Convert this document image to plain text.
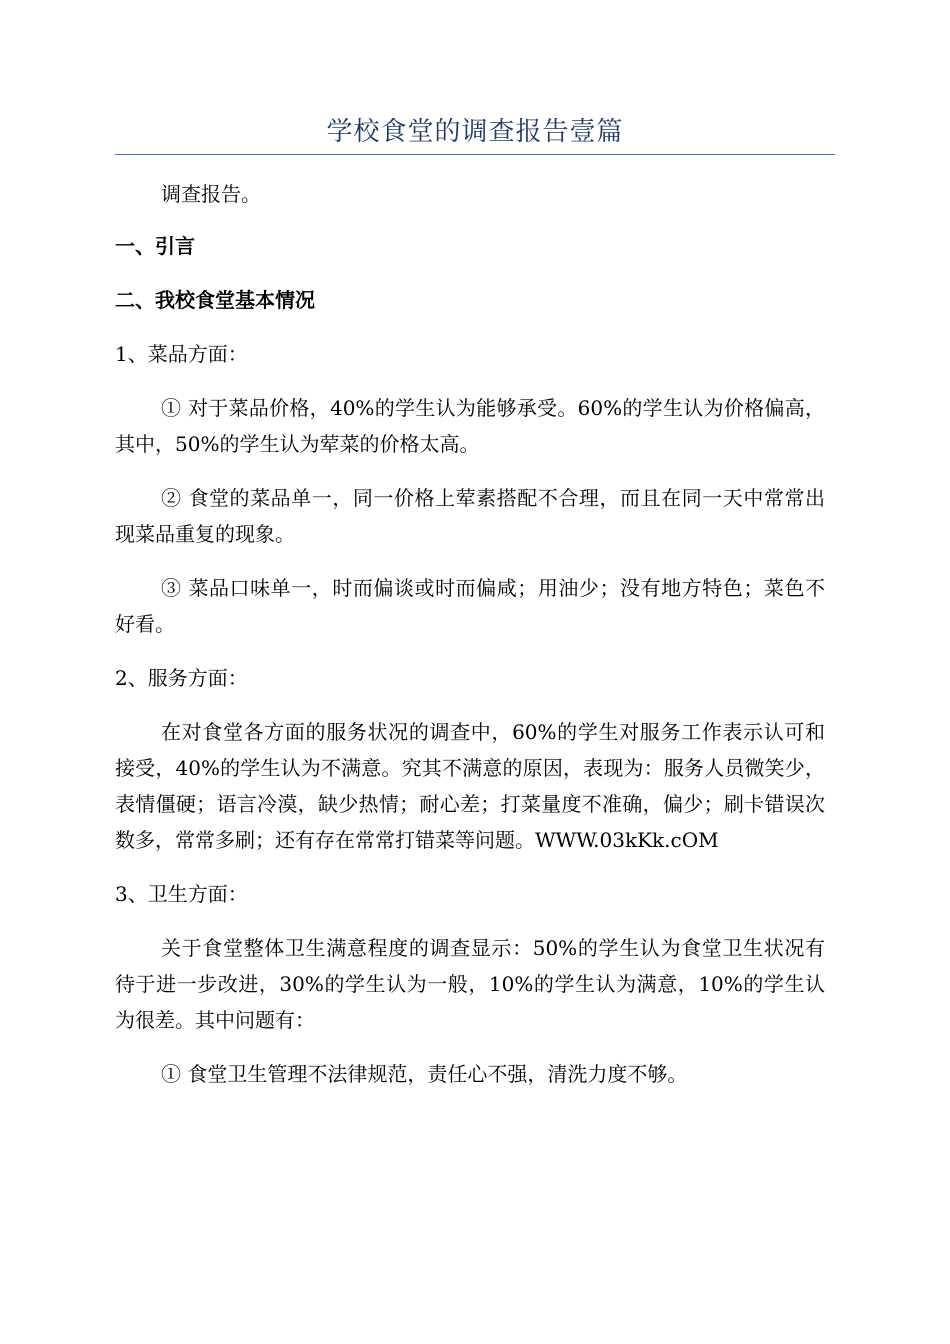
学校食堂的调查报告壹篇

调查报告。

一、引言

二、我校食堂基本情况

1、菜品方面：

① 对于菜品价格，40%的学生认为能够承受。60%的学生认为价格偏高，其中，50%的学生认为荤菜的价格太高。

② 食堂的菜品单一，同一价格上荤素搭配不合理，而且在同一天中常常出现菜品重复的现象。

③ 菜品口味单一，时而偏谈或时而偏咸；用油少；没有地方特色；菜色不好看。

2、服务方面：

在对食堂各方面的服务状况的调查中，60%的学生对服务工作表示认可和接受，40%的学生认为不满意。究其不满意的原因，表现为：服务人员微笑少，表情僵硬；语言冷漠，缺少热情；耐心差；打菜量度不准确，偏少；刷卡错误次数多，常常多刷；还有存在常常打错菜等问题。WWW.03kKk.cOM

3、卫生方面：

关于食堂整体卫生满意程度的调查显示：50%的学生认为食堂卫生状况有待于进一步改进，30%的学生认为一般，10%的学生认为满意，10%的学生认为很差。其中问题有：

① 食堂卫生管理不法律规范，责任心不强，清洗力度不够。
